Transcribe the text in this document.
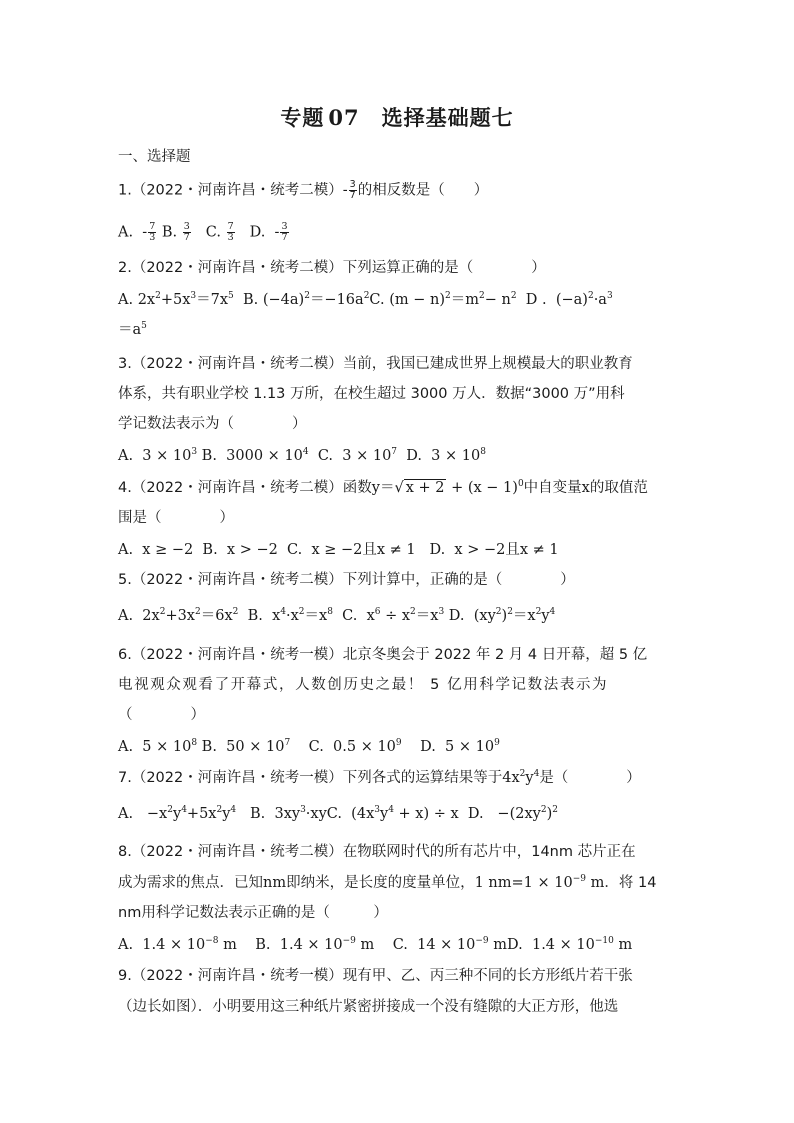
专题 07 选择基础题七
一、选择题
1.（2022・河南许昌・统考二模）- $\frac{3}{7}$ 的相反数是（　　）
A.  - $\frac{7}{3} B$. $\frac{3}{7} C$. $\frac{7}{3} D$.  - $\frac{3}{7}$
2.（2022・河南许昌・统考二模）下列运算正确的是（　　　　）
A. $2x^2+5x^3=7x^5$  B. $(-4a)^2=-16a^2C$. $(m - n)^2=m^2- n^2$  D .  $(-a)^2\cdot a^3$
$=a^5$
3.（2022・河南许昌・统考二模）当前，我国已建成世界上规模最大的职业教育
体系，共有职业学校 1.13 万所，在校生超过 3000 万人．数据“3000 万”用科
学记数法表示为（　　　　）
A.  $3 \times 10^3$ B.  $3000 \times 10^4$  C.  $3 \times 10^7$  D.  $3 \times 10^8$
4.（2022・河南许昌・统考二模）函数y＝√ $x + 2 + (x - 1)^0$中自变量x的取值范
围是（　　　　）
A.  x ≥ −2  B.  x > −2  C.  x ≥ −2且x ≠ 1   D.  x > −2且x ≠ 1
5.（2022・河南许昌・统考二模）下列计算中，正确的是（　　　　）
A.  $2x^2+3x^2=6x^2$  B.  $x^4\cdot x^2=x^8$  C.  $x^6 \div x^2=x^3$ D.  $(xy^2)^2=x^2y^4$
6.（2022・河南许昌・统考一模）北京冬奥会于 2022 年 2 月 4 日开幕，超 5 亿
电视观众观看了开幕式，人数创历史之最！ 5 亿用科学记数法表示为
（　　　　）
A.  $5 \times 10^8$ B.  $50 \times 10^7$    C.  $0.5 \times 10^9$    D.  $5 \times 10^9$
7.（2022・河南许昌・统考一模）下列各式的运算结果等于$4x^2y^4$是（　　　　）
A.   $-x^2y^4+5x^2y^4$   B.  $3xy^3\cdot xyC$.  $(4x^3y^4 + x) \div x$  D.   $-(2xy^2)^2$
8.（2022・河南许昌・统考二模）在物联网时代的所有芯片中，14nm 芯片正在
成为需求的焦点．已知nm即纳米，是长度的度量单位，1 $nm=1 \times 10^{-9}$ m．将 14
nm用科学记数法表示正确的是（　　　）
A.  $1.4 \times 10^{-8}$ m    B.  $1.4 \times 10^{-9}$ m    C.  $14 \times 10^{-9}$ mD.  $1.4 \times 10^{-10}$ m
9.（2022・河南许昌・统考一模）现有甲、乙、丙三种不同的长方形纸片若干张
（边长如图）．小明要用这三种纸片紧密拼接成一个没有缝隙的大正方形，他选
